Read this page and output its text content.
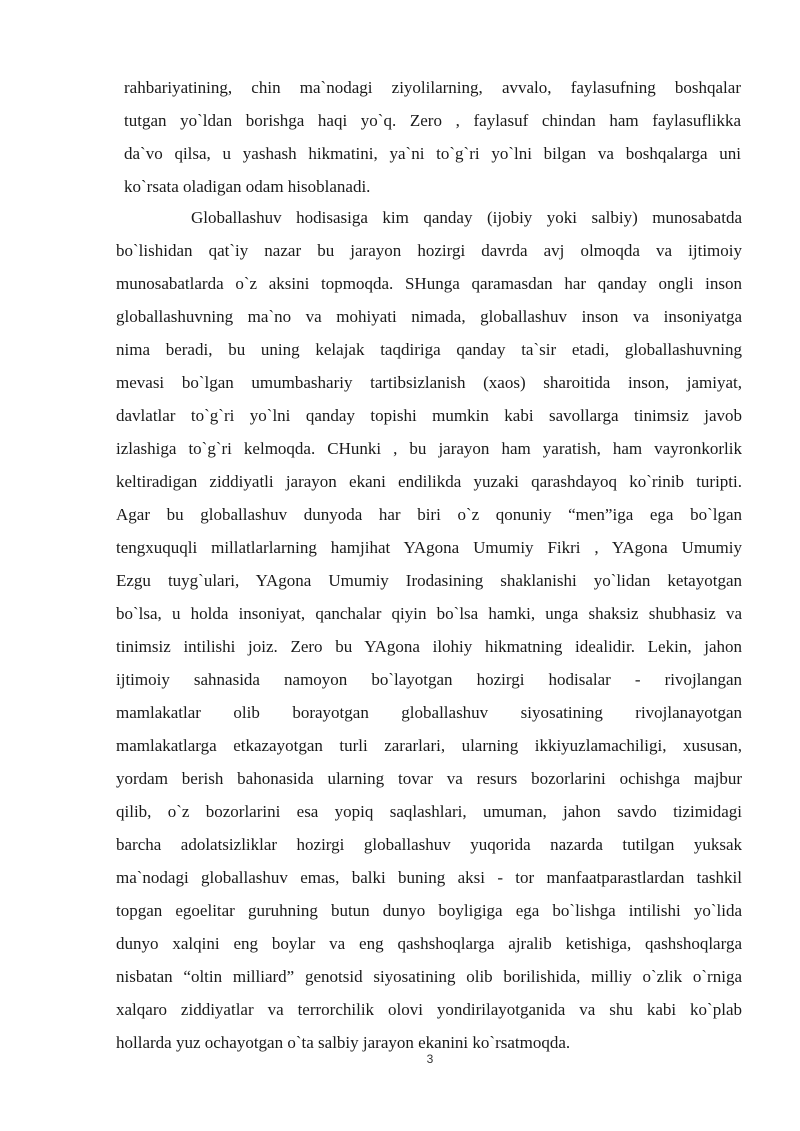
rahbariyatining, chin ma`nodagi ziyolilarning, avvalo, faylasufning boshqalar
tutgan yo`ldan borishga haqi yo`q. Zero , faylasuf chindan ham faylasuflikka
da`vo qilsa, u yashash hikmatini, ya`ni to`g`ri yo`lni bilgan va boshqalarga uni
ko`rsata oladigan odam hisoblanadi.
Globallashuv hodisasiga kim qanday (ijobiy yoki salbiy) munosabatda
bo`lishidan qat`iy nazar bu jarayon hozirgi davrda avj olmoqda va ijtimoiy
munosabatlarda o`z aksini topmoqda. SHunga qaramasdan har qanday ongli inson
globallashuvning ma`no va mohiyati nimada, globallashuv inson va insoniyatga
nima beradi, bu uning kelajak taqdiriga qanday ta`sir etadi, globallashuvning
mevasi bo`lgan umumbashariy tartibsizlanish (xaos) sharoitida inson, jamiyat,
davlatlar to`g`ri yo`lni qanday topishi mumkin kabi savollarga tinimsiz javob
izlashiga to`g`ri kelmoqda. CHunki , bu jarayon ham yaratish, ham vayronkorlik
keltiradigan ziddiyatli jarayon ekani endilikda yuzaki qarashdayoq ko`rinib turipti.
Agar bu globallashuv dunyoda har biri o`z qonuniy “men”iga ega bo`lgan
tengxuquqli millatlarlarning hamjihat YAgona Umumiy Fikri , YAgona Umumiy
Ezgu tuyg`ulari, YAgona Umumiy Irodasining shaklanishi yo`lidan ketayotgan
bo`lsa, u holda insoniyat, qanchalar qiyin bo`lsa hamki, unga shaksiz shubhasiz va
tinimsiz intilishi joiz. Zero bu YAgona ilohiy hikmatning idealidir. Lekin, jahon
ijtimoiy sahnasida namoyon bo`layotgan hozirgi hodisalar - rivojlangan
mamlakatlar olib borayotgan globallashuv siyosatining rivojlanayotgan
mamlakatlarga etkazayotgan turli zararlari, ularning ikkiyuzlamachiligi, xususan,
yordam berish bahonasida ularning tovar va resurs bozorlarini ochishga majbur
qilib, o`z bozorlarini esa yopiq saqlashlari, umuman, jahon savdo tizimidagi
barcha adolatsizliklar hozirgi globallashuv yuqorida nazarda tutilgan yuksak
ma`nodagi globallashuv emas, balki buning aksi - tor manfaatparastlardan tashkil
topgan egoelitar guruhning butun dunyo boyligiga ega bo`lishga intilishi yo`lida
dunyo xalqini eng boylar va eng qashshoqlarga ajralib ketishiga, qashshoqlarga
nisbatan “oltin milliard” genotsid siyosatining olib borilishida, milliy o`zlik o`rniga
xalqaro ziddiyatlar va terrorchilik olovi yondirilayotganida va shu kabi ko`plab
hollarda yuz ochayotgan o`ta salbiy jarayon ekanini ko`rsatmoqda.
3
